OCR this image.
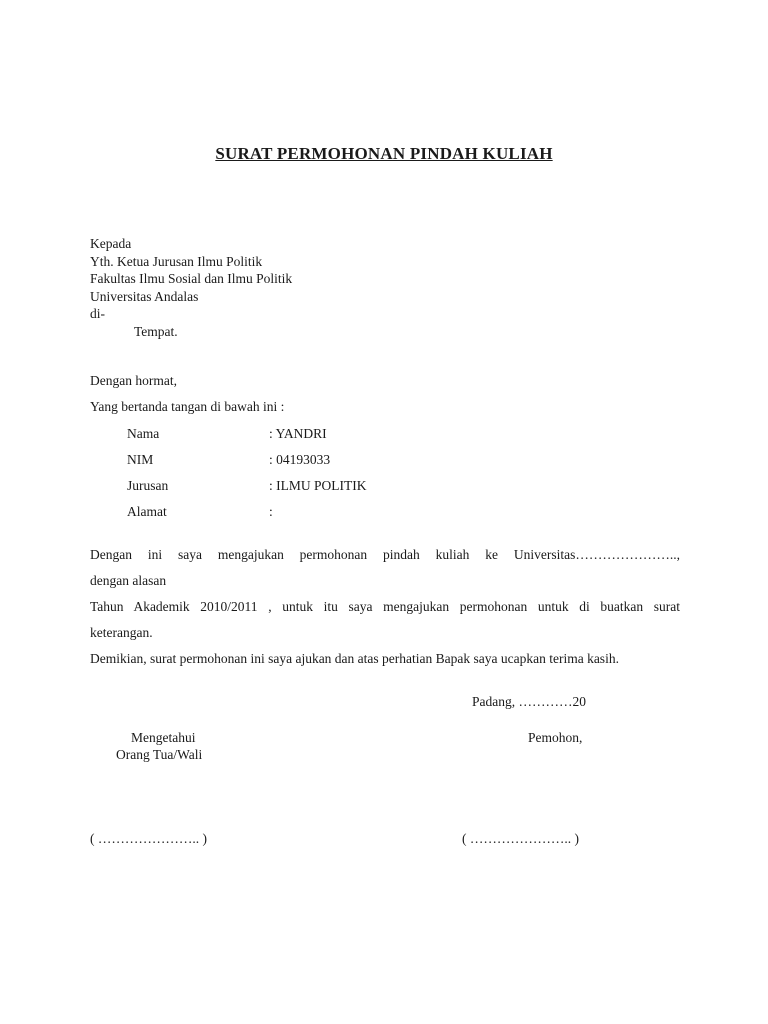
SURAT PERMOHONAN PINDAH KULIAH
Kepada
Yth. Ketua Jurusan Ilmu Politik
Fakultas Ilmu Sosial dan Ilmu Politik
Universitas Andalas
di-
Tempat.
Dengan hormat,
Yang bertanda tangan di bawah ini :
Nama	: YANDRI
NIM	: 04193033
Jurusan	: ILMU POLITIK
Alamat	:
Dengan ini saya mengajukan permohonan pindah kuliah ke Universitas…………………..,
dengan alasan
Tahun Akademik 2010/2011 , untuk itu saya mengajukan permohonan untuk di buatkan surat
keterangan.
Demikian, surat permohonan ini saya ajukan dan atas perhatian Bapak saya ucapkan terima kasih.
Padang, …………20
Mengetahui
Orang Tua/Wali
Pemohon,
( ………………….. )	( ………………….. )
